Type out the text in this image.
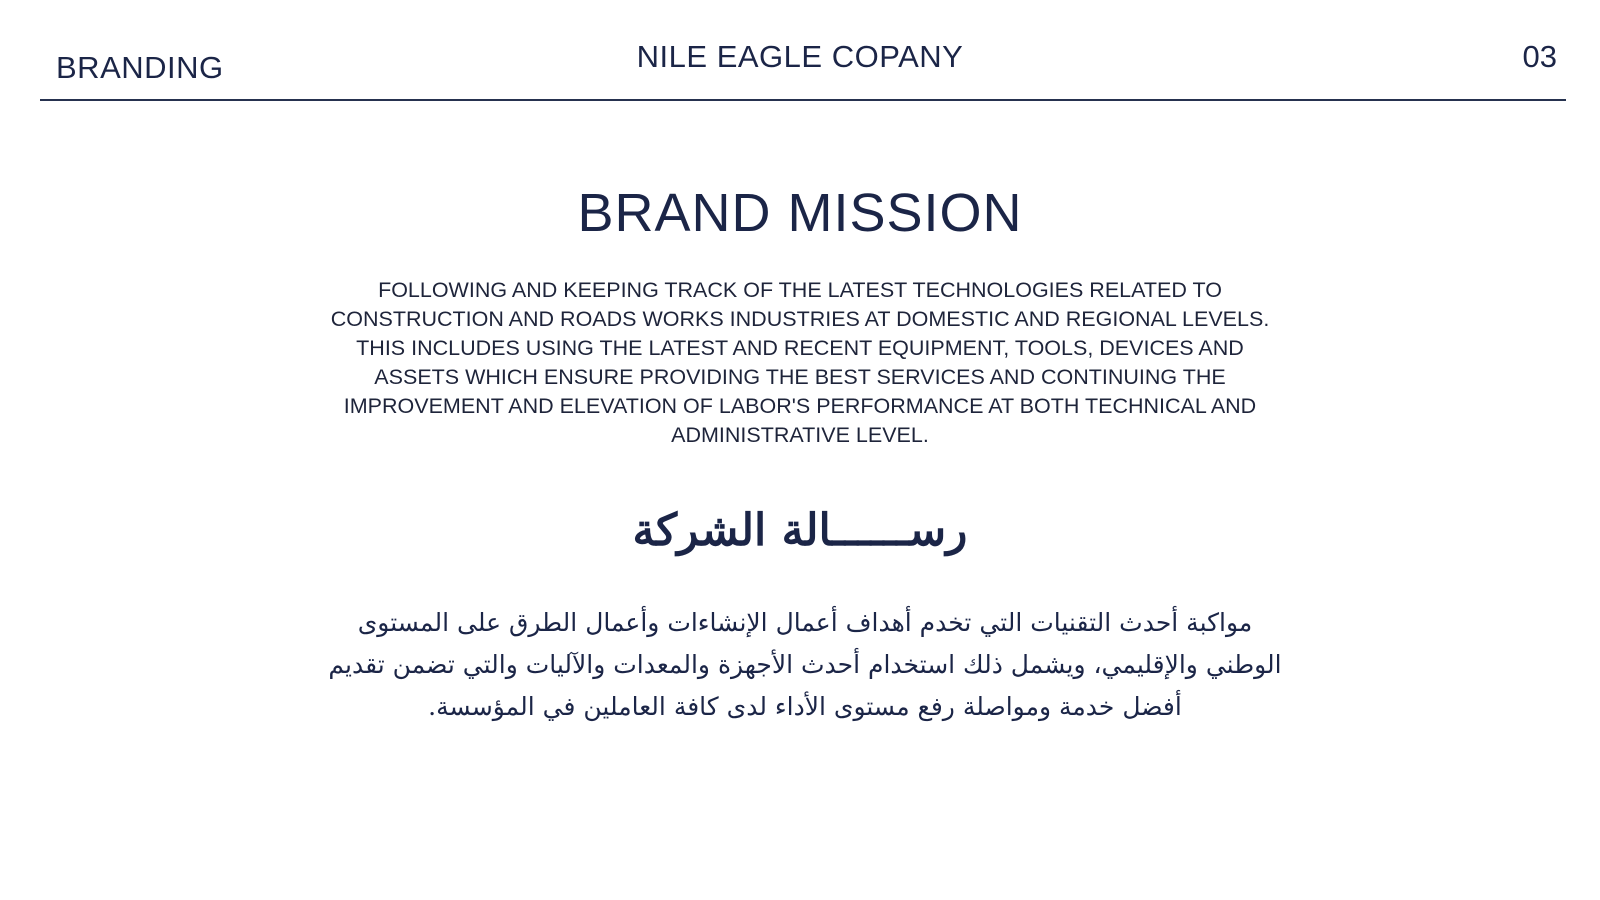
BRANDING	NILE EAGLE COPANY	03
BRAND MISSION

FOLLOWING AND KEEPING TRACK OF THE LATEST TECHNOLOGIES RELATED TO CONSTRUCTION AND ROADS WORKS INDUSTRIES AT DOMESTIC AND REGIONAL LEVELS. THIS INCLUDES USING THE LATEST AND RECENT EQUIPMENT, TOOLS, DEVICES AND ASSETS WHICH ENSURE PROVIDING THE BEST SERVICES AND CONTINUING THE IMPROVEMENT AND ELEVATION OF LABOR'S PERFORMANCE AT BOTH TECHNICAL AND ADMINISTRATIVE LEVEL.

رســــــالة الشركة

مواكبة أحدث التقنيات التي تخدم أهداف أعمال الإنشاءات وأعمال الطرق على المستوى الوطني والإقليمي، ويشمل ذلك استخدام أحدث الأجهزة والمعدات والآليات والتي تضمن تقديم أفضل خدمة ومواصلة رفع مستوى الأداء لدى كافة العاملين في المؤسسة.
